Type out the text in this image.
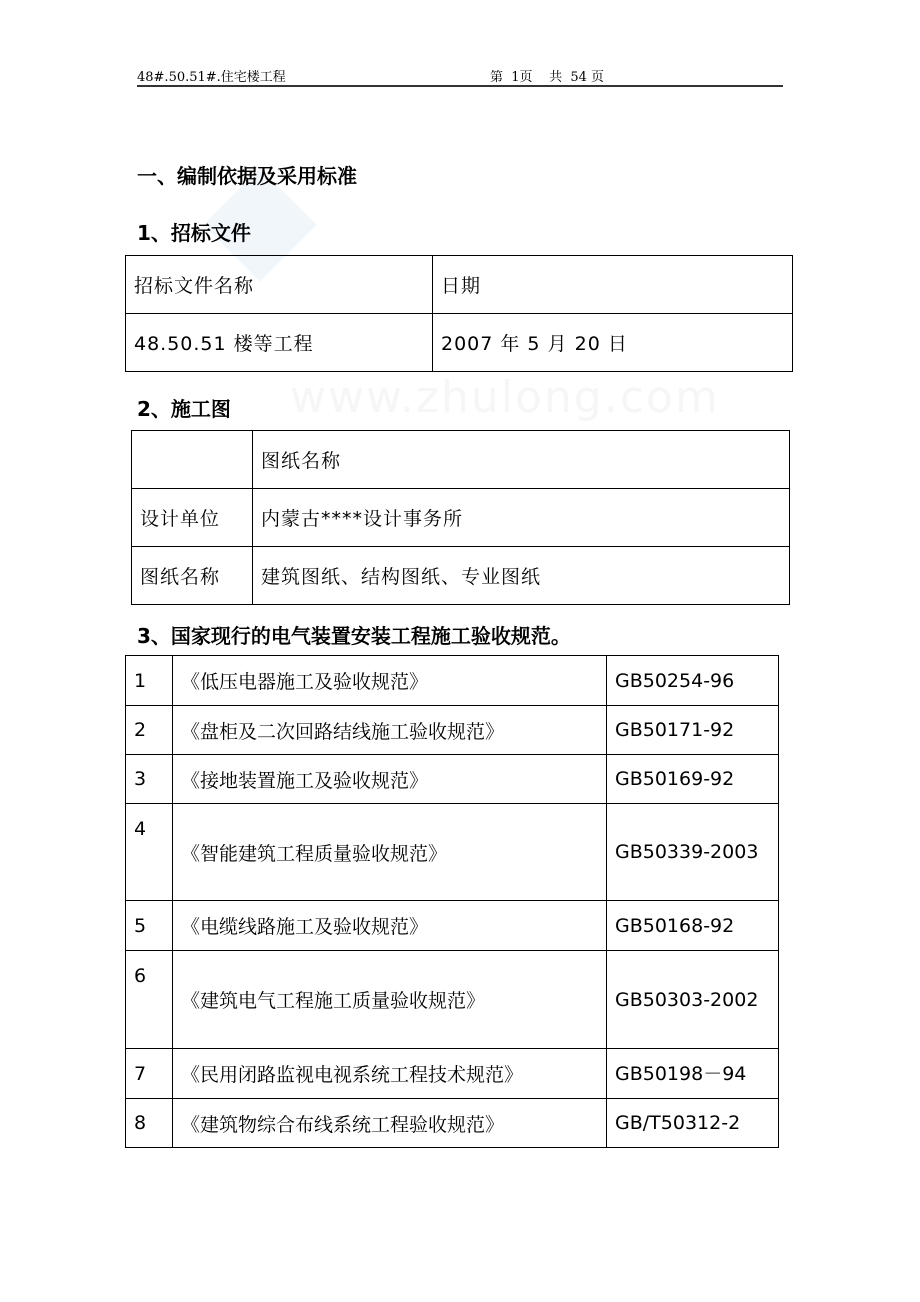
www.zhulong.com
48#.50.51#.住宅楼工程	第  1页    共  54 页
一、编制依据及采用标准
1、招标文件
招标文件名称	日期
48.50.51 楼等工程	2007 年 5 月 20 日
2、施工图
	图纸名称
设计单位	内蒙古****设计事务所
图纸名称	建筑图纸、结构图纸、专业图纸
3、国家现行的电气装置安装工程施工验收规范。
1	《低压电器施工及验收规范》	GB50254-96
2	《盘柜及二次回路结线施工验收规范》	GB50171-92
3	《接地装置施工及验收规范》	GB50169-92
4	《智能建筑工程质量验收规范》	GB50339-2003
5	《电缆线路施工及验收规范》	GB50168-92
6	《建筑电气工程施工质量验收规范》	GB50303-2002
7	《民用闭路监视电视系统工程技术规范》	GB50198－94
8	《建筑物综合布线系统工程验收规范》	GB/T50312-2
